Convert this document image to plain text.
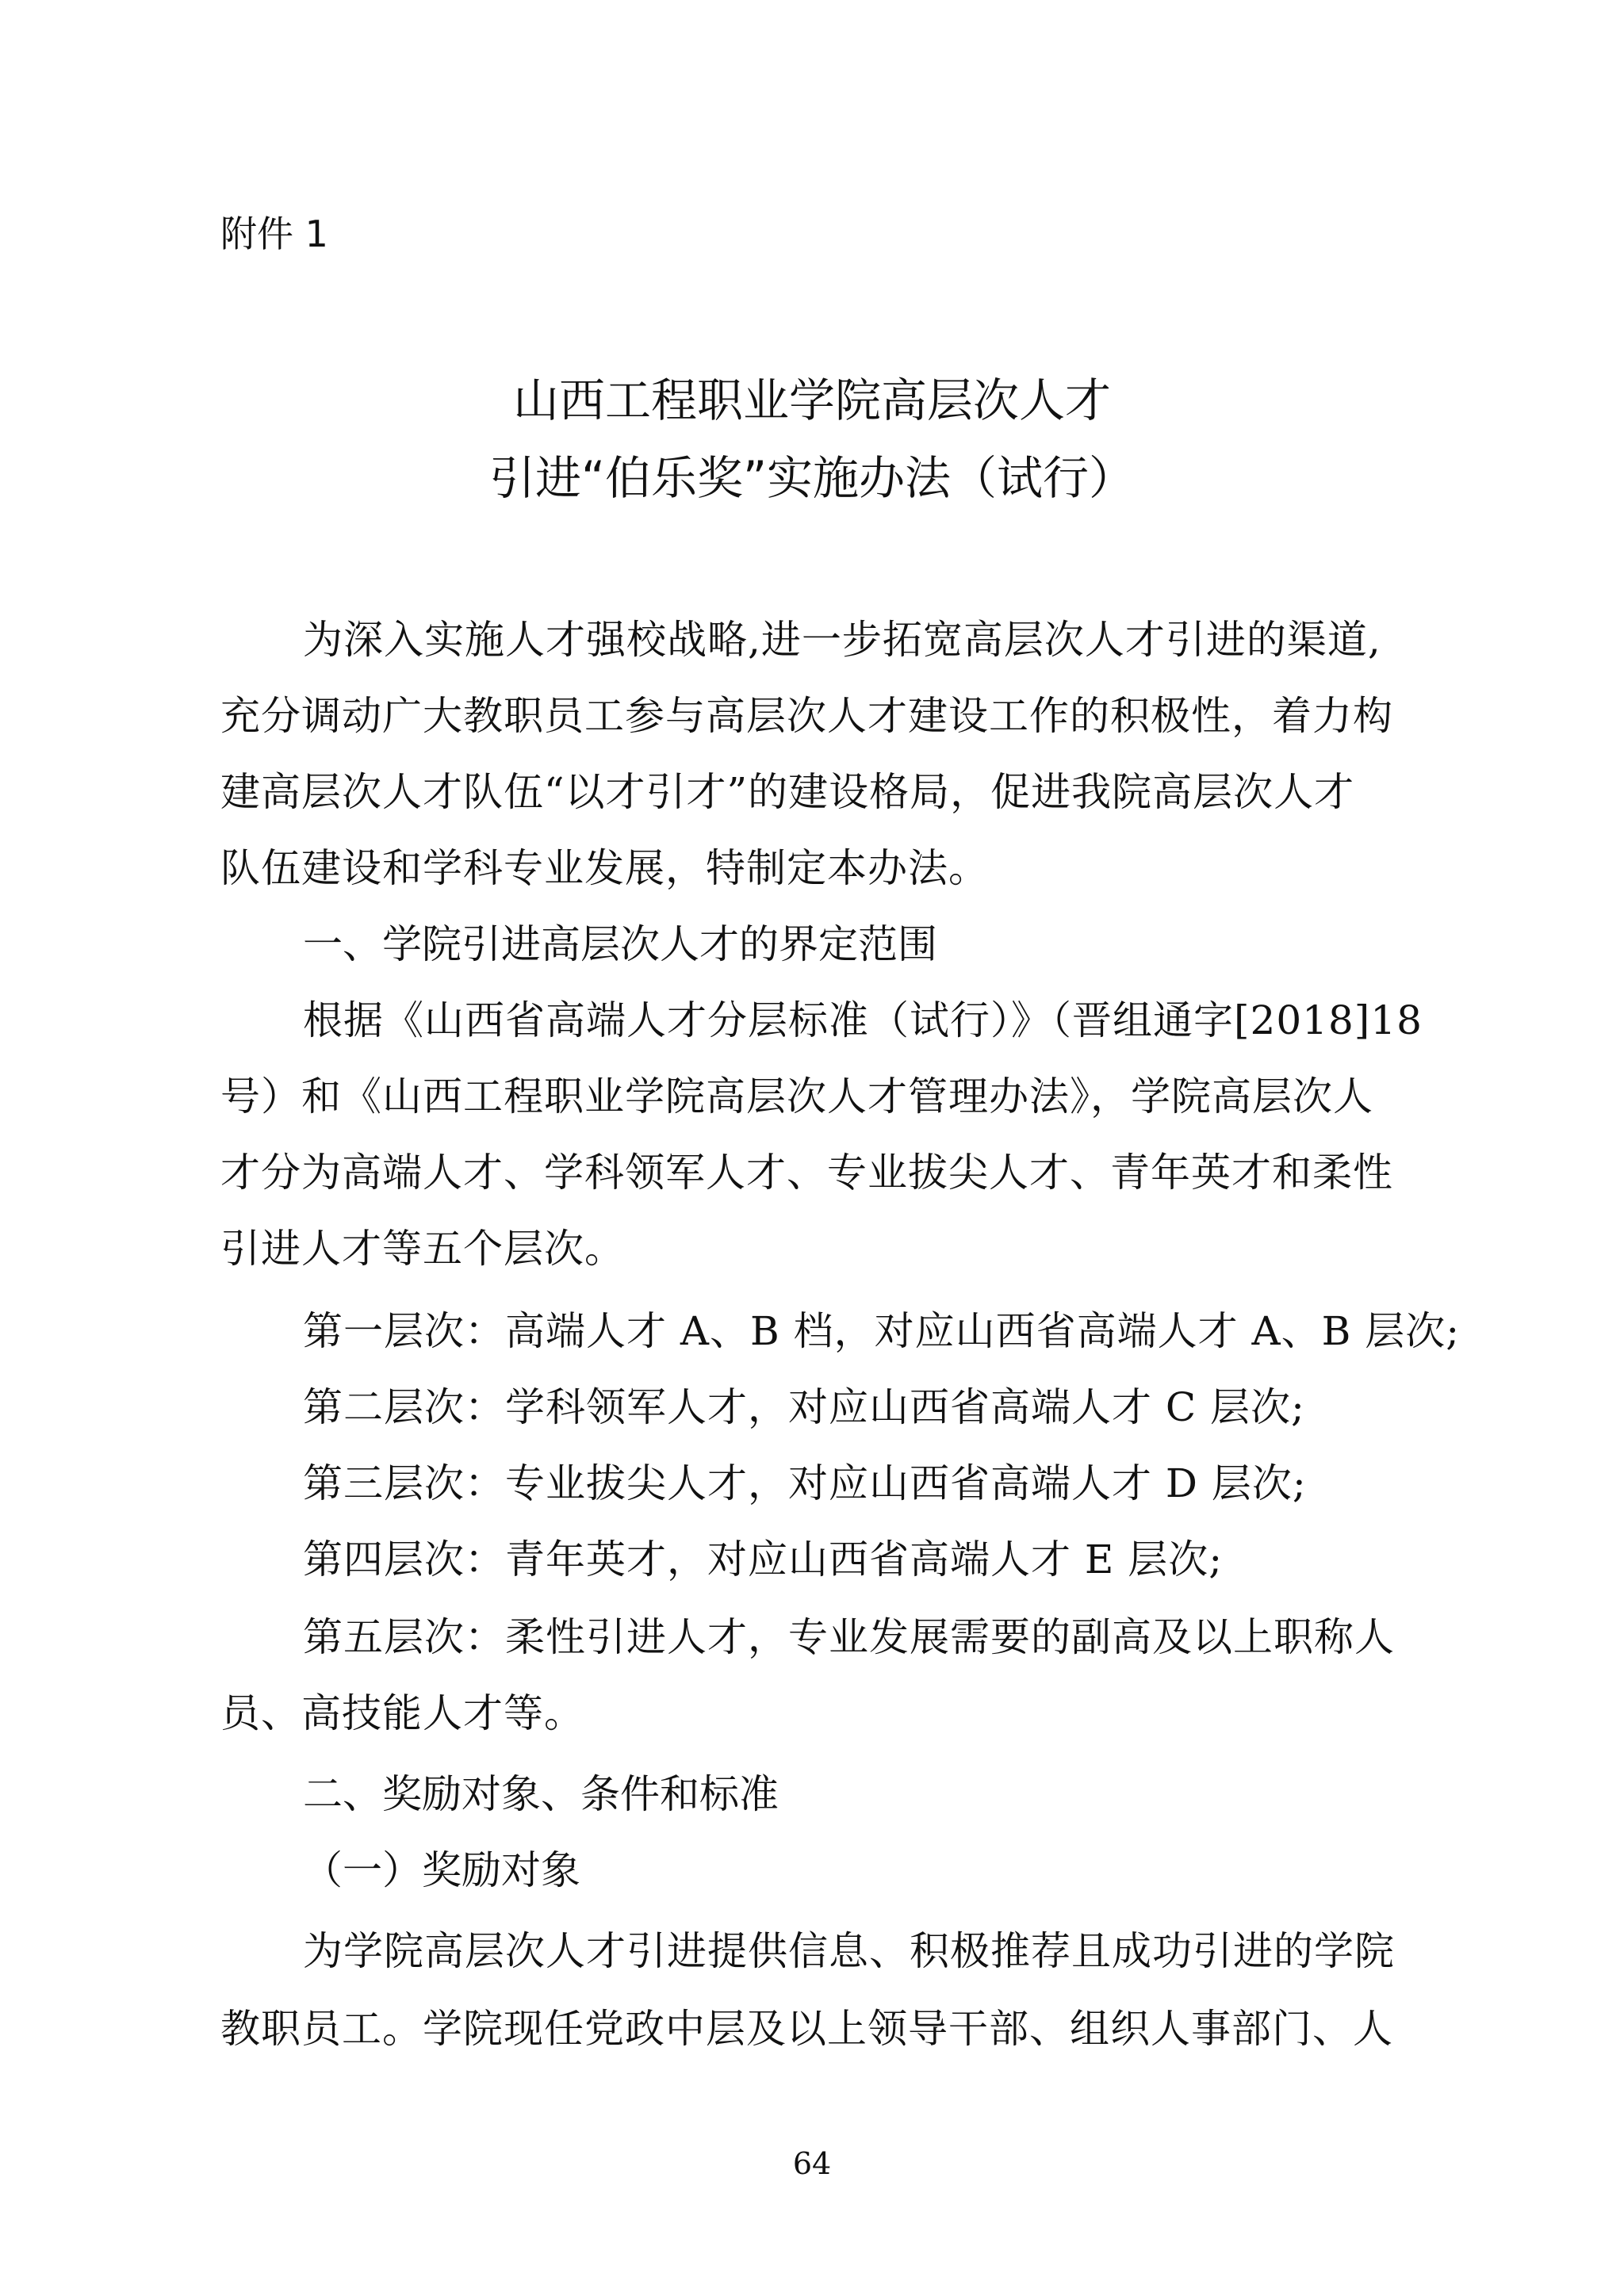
附件 1
山西工程职业学院高层次人才
引进“伯乐奖”实施办法（试行）
为深入实施人才强校战略,进一步拓宽高层次人才引进的渠道,
充分调动广大教职员工参与高层次人才建设工作的积极性，着力构
建高层次人才队伍“以才引才”的建设格局，促进我院高层次人才
队伍建设和学科专业发展，特制定本办法。
一、学院引进高层次人才的界定范围
根据《山西省高端人才分层标准（试行）》（晋组通字[2018]18
号）和《山西工程职业学院高层次人才管理办法》，学院高层次人
才分为高端人才、学科领军人才、专业拔尖人才、青年英才和柔性
引进人才等五个层次。
第一层次：高端人才 A、B 档，对应山西省高端人才 A、B 层次;
第二层次：学科领军人才，对应山西省高端人才 C 层次;
第三层次：专业拔尖人才，对应山西省高端人才 D 层次;
第四层次：青年英才，对应山西省高端人才 E 层次;
第五层次：柔性引进人才，专业发展需要的副高及以上职称人
员、高技能人才等。
二、奖励对象、条件和标准
（一）奖励对象
为学院高层次人才引进提供信息、积极推荐且成功引进的学院
教职员工。学院现任党政中层及以上领导干部、组织人事部门、人
64
